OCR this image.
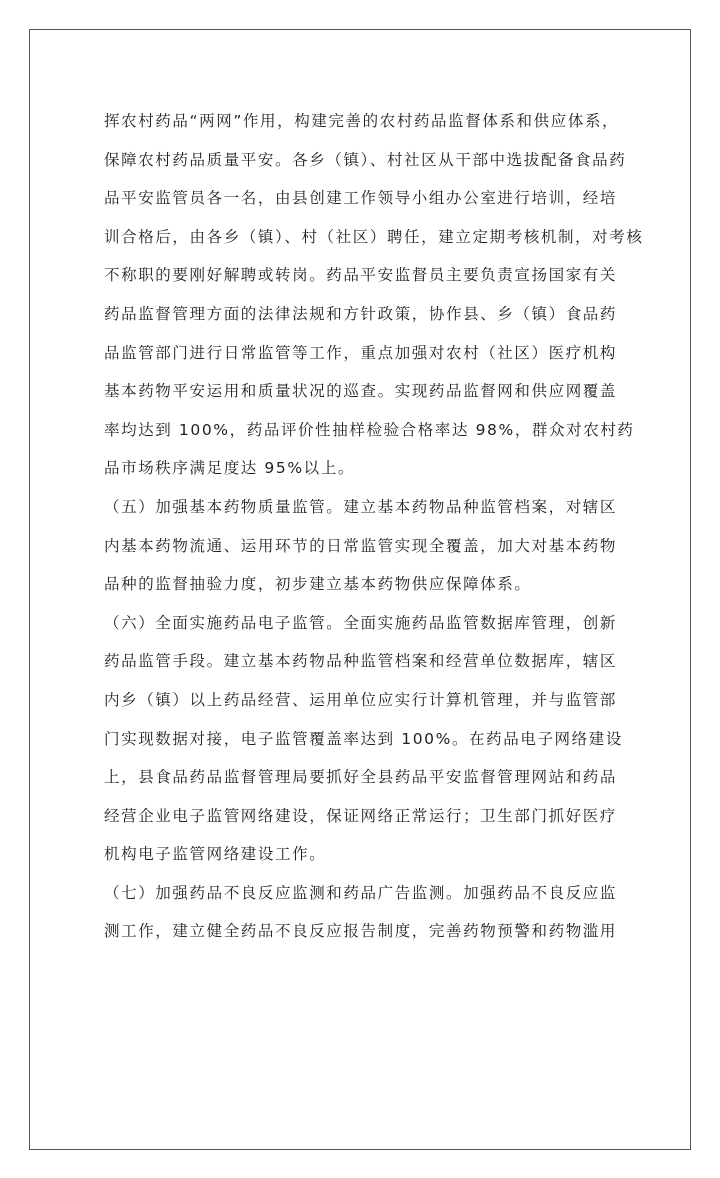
挥农村药品“两网”作用，构建完善的农村药品监督体系和供应体系，
保障农村药品质量平安。各乡（镇）、村社区从干部中选拔配备食品药
品平安监管员各一名，由县创建工作领导小组办公室进行培训，经培
训合格后，由各乡（镇）、村（社区）聘任，建立定期考核机制，对考核
不称职的要刚好解聘或转岗。药品平安监督员主要负责宣扬国家有关
药品监督管理方面的法律法规和方针政策，协作县、乡（镇）食品药
品监管部门进行日常监管等工作，重点加强对农村（社区）医疗机构
基本药物平安运用和质量状况的巡查。实现药品监督网和供应网覆盖
率均达到 100%，药品评价性抽样检验合格率达 98%，群众对农村药
品市场秩序满足度达 95%以上。
（五）加强基本药物质量监管。建立基本药物品种监管档案，对辖区
内基本药物流通、运用环节的日常监管实现全覆盖，加大对基本药物
品种的监督抽验力度，初步建立基本药物供应保障体系。
（六）全面实施药品电子监管。全面实施药品监管数据库管理，创新
药品监管手段。建立基本药物品种监管档案和经营单位数据库，辖区
内乡（镇）以上药品经营、运用单位应实行计算机管理，并与监管部
门实现数据对接，电子监管覆盖率达到 100%。在药品电子网络建设
上，县食品药品监督管理局要抓好全县药品平安监督管理网站和药品
经营企业电子监管网络建设，保证网络正常运行；卫生部门抓好医疗
机构电子监管网络建设工作。
（七）加强药品不良反应监测和药品广告监测。加强药品不良反应监
测工作，建立健全药品不良反应报告制度，完善药物预警和药物滥用
